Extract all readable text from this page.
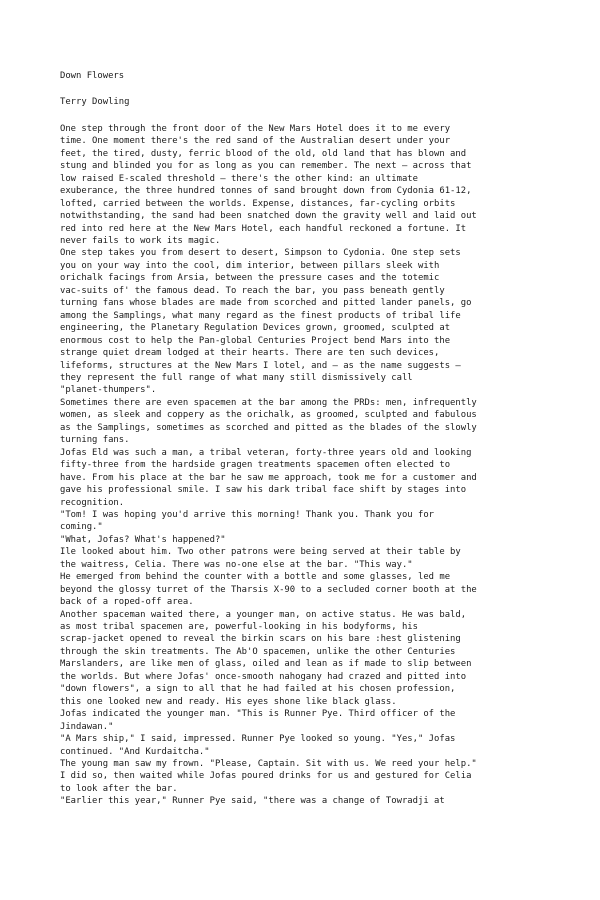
Down Flowers
Terry Dowling

One step through the front door of the New Mars Hotel does it to me every
time. One moment there's the red sand of the Australian desert under your
feet, the tired, dusty, ferric blood of the old, old land that has blown and
stung and blinded you for as long as you can remember. The next — across that
low raised E-scaled threshold — there's the other kind: an ultimate
exuberance, the three hundred tonnes of sand brought down from Cydonia 61-12,
lofted, carried between the worlds. Expense, distances, far-cycling orbits
notwithstanding, the sand had been snatched down the gravity well and laid out
red into red here at the New Mars Hotel, each handful reckoned a fortune. It
never fails to work its magic.

One step takes you from desert to desert, Simpson to Cydonia. One step sets
you on your way into the cool, dim interior, between pillars sleek with
orichalk facings from Arsia, between the pressure cases and the totemic
vac-suits of' the famous dead. To reach the bar, you pass beneath gently
turning fans whose blades are made from scorched and pitted lander panels, go
among the Samplings, what many regard as the finest products of tribal life
engineering, the Planetary Regulation Devices grown, groomed, sculpted at
enormous cost to help the Pan-global Centuries Project bend Mars into the
strange quiet dream lodged at their hearts. There are ten such devices,
lifeforms, structures at the New Mars I lotel, and — as the name suggests —
they represent the full range of what many still dismissively call
"planet-thumpers".

Sometimes there are even spacemen at the bar among the PRDs: men, infrequently
women, as sleek and coppery as the orichalk, as groomed, sculpted and fabulous
as the Samplings, sometimes as scorched and pitted as the blades of the slowly
turning fans.

Jofas Eld was such a man, a tribal veteran, forty-three years old and looking
fifty-three from the hardside gragen treatments spacemen often elected to
have. From his place at the bar he saw me approach, took me for a customer and
gave his professional smile. I saw his dark tribal face shift by stages into
recognition.

"Tom! I was hoping you'd arrive this morning! Thank you. Thank you for
coming."

"What, Jofas? What's happened?"

Ile looked about him. Two other patrons were being served at their table by
the waitress, Celia. There was no-one else at the bar. "This way."

He emerged from behind the counter with a bottle and some glasses, led me
beyond the glossy turret of the Tharsis X-90 to a secluded corner booth at the
back of a roped-off area.

Another spaceman waited there, a younger man, on active status. He was bald,
as most tribal spacemen are, powerful-looking in his bodyforms, his
scrap-jacket opened to reveal the birkin scars on his bare :hest glistening
through the skin treatments. The Ab'O spacemen, unlike the other Centuries
Marslanders, are like men of glass, oiled and lean as if made to slip between
the worlds. But where Jofas' once-smooth nahogany had crazed and pitted into
"down flowers", a sign to all that he had failed at his chosen profession,
this one looked new and ready. His eyes shone like black glass.

Jofas indicated the younger man. "This is Runner Pye. Third officer of the
Jindawan."

"A Mars ship," I said, impressed. Runner Pye looked so young. "Yes," Jofas
continued. "And Kurdaitcha."

The young man saw my frown. "Please, Captain. Sit with us. We reed your help."
I did so, then waited while Jofas poured drinks for us and gestured for Celia
to look after the bar.

"Earlier this year," Runner Pye said, "there was a change of Towradji at
